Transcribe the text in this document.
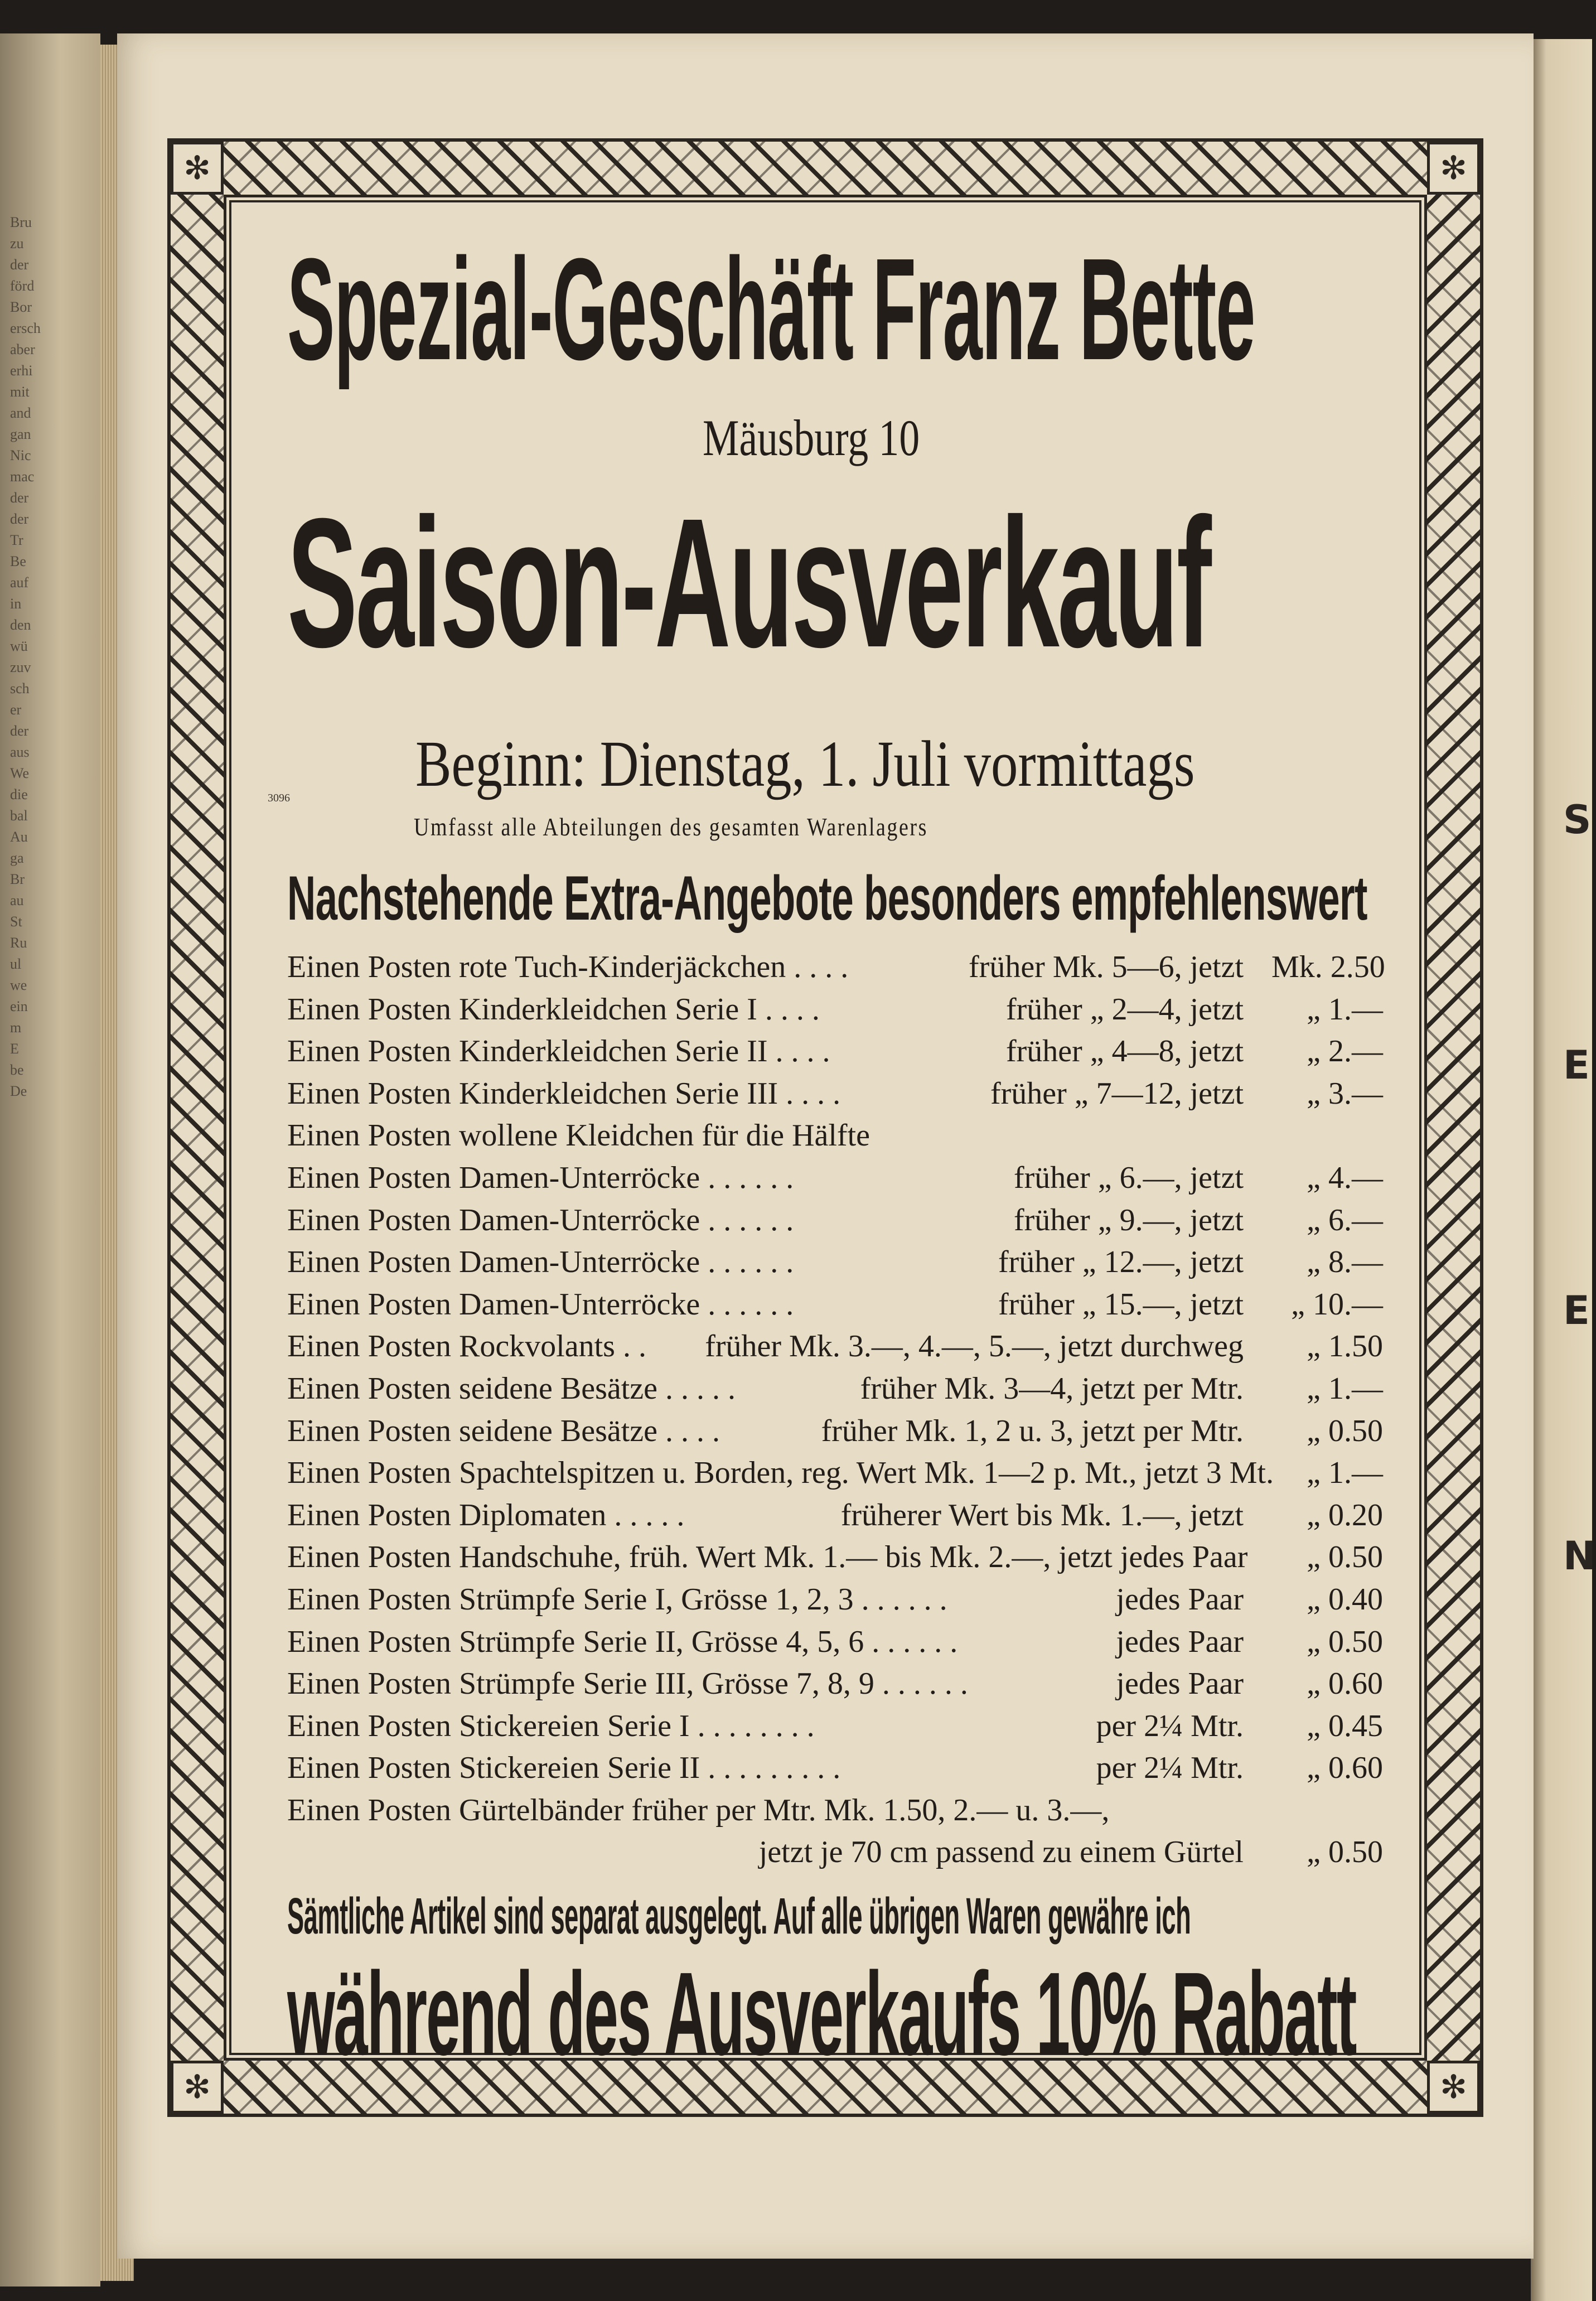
Bru
zu
der
förd
Bor
ersch
aber
erhi
mit
and
gan
Nic
mac
der
der
Tr
Be
auf
in
den
wü
zuv
sch
er
der
aus
We
die
bal
Au
ga
Br
au
St
Ru
ul
we
ein
m
E
be
De
S
E
E
N
✻	✻
✻	✻
Spezial-Geschäft Franz Bette
Mäusburg 10
Saison-Ausverkauf
3096 Beginn: Dienstag, 1. Juli vormittags
Umfasst alle Abteilungen des gesamten Warenlagers
Nachstehende Extra-Angebote besonders empfehlenswert
Einen Posten rote Tuch-Kinderjäckchen . . . .	früher Mk. 5—6, jetzt Mk. 2.50
Einen Posten Kinderkleidchen Serie I . . . .	früher „ 2—4, jetzt	„ 1.—
Einen Posten Kinderkleidchen Serie II . . . .	früher „ 4—8, jetzt	„ 2.—
Einen Posten Kinderkleidchen Serie III . . . .	früher „ 7—12, jetzt	„ 3.—
Einen Posten wollene Kleidchen für die Hälfte
Einen Posten Damen-Unterröcke . . . . . .	früher „ 6.—, jetzt	„ 4.—
Einen Posten Damen-Unterröcke . . . . . .	früher „ 9.—, jetzt	„ 6.—
Einen Posten Damen-Unterröcke . . . . . .	früher „ 12.—, jetzt	„ 8.—
Einen Posten Damen-Unterröcke . . . . . .	früher „ 15.—, jetzt	„ 10.—
Einen Posten Rockvolants . . früher Mk. 3.—, 4.—, 5.—, jetzt durchweg	„ 1.50
Einen Posten seidene Besätze . . . . .	früher Mk. 3—4, jetzt per Mtr.	„ 1.—
Einen Posten seidene Besätze . . . .	früher Mk. 1, 2 u. 3, jetzt per Mtr.	„ 0.50
Einen Posten Spachtelspitzen u. Borden, reg. Wert Mk. 1—2 p. Mt., jetzt 3 Mt.	„ 1.—
Einen Posten Diplomaten . . . . .	früherer Wert bis Mk. 1.—, jetzt	„ 0.20
Einen Posten Handschuhe, früh. Wert Mk. 1.— bis Mk. 2.—, jetzt jedes Paar	„ 0.50
Einen Posten Strümpfe Serie I, Grösse 1, 2, 3 . . . . . .	jedes Paar	„ 0.40
Einen Posten Strümpfe Serie II, Grösse 4, 5, 6 . . . . . .	jedes Paar	„ 0.50
Einen Posten Strümpfe Serie III, Grösse 7, 8, 9 . . . . . .	jedes Paar	„ 0.60
Einen Posten Stickereien Serie I . . . . . . . .	per 2¼ Mtr.	„ 0.45
Einen Posten Stickereien Serie II . . . . . . . . .	per 2¼ Mtr.	„ 0.60
Einen Posten Gürtelbänder früher per Mtr. Mk. 1.50, 2.— u. 3.—,
jetzt je 70 cm passend zu einem Gürtel	„ 0.50
Sämtliche Artikel sind separat ausgelegt. Auf alle übrigen Waren gewähre ich
während des Ausverkaufs 10% Rabatt
